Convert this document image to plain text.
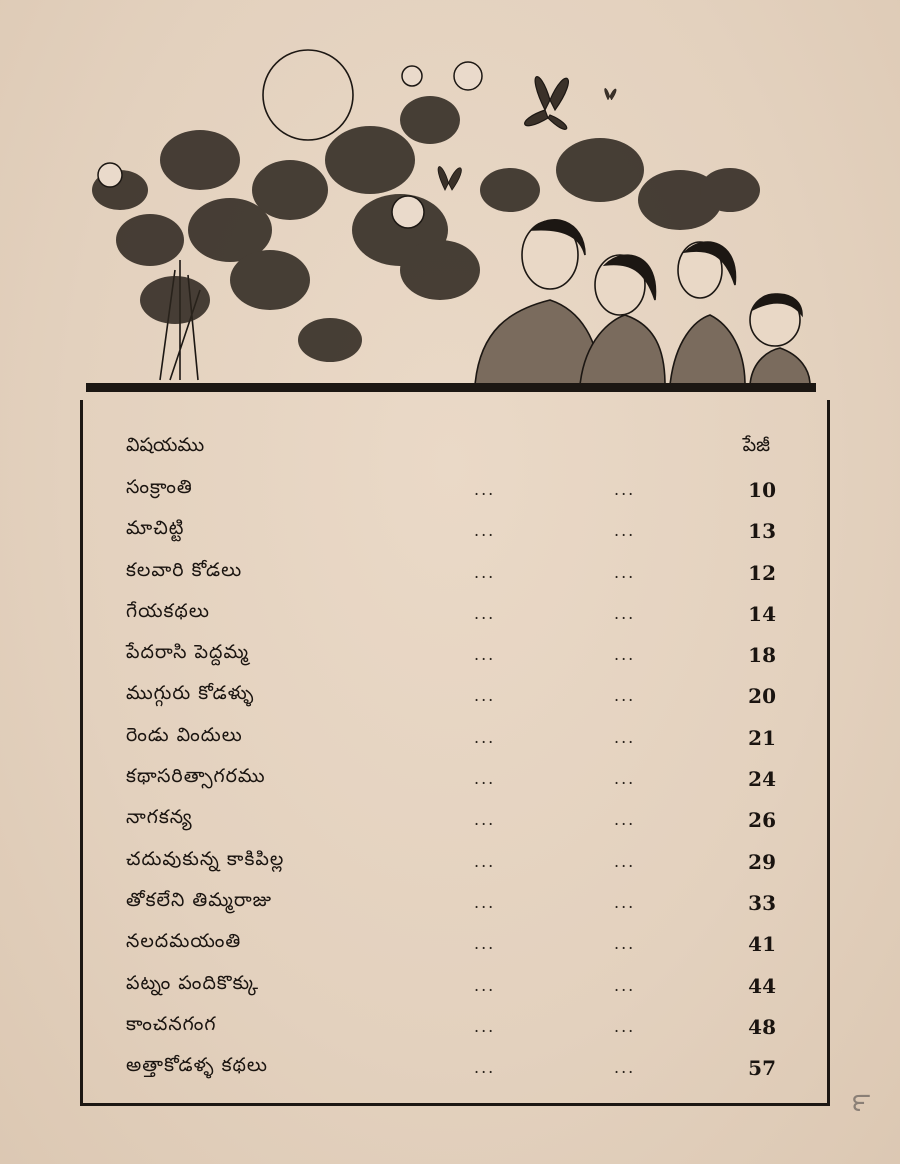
విషయము	పేజీ
సంక్రాంతి	...	...	10
మాచిట్టి	...	...	13
కలవారి కోడలు	...	...	12
గేయకథలు	...	...	14
పేదరాసి పెద్దమ్మ	...	...	18
ముగ్గురు కోడళ్ళు	...	...	20
రెండు విందులు	...	...	21
కథాసరిత్సాగరము	...	...	24
నాగకన్య	...	...	26
చదువుకున్న కాకిపిల్ల	...	...	29
తోకలేని తిమ్మరాజు	...	...	33
నలదమయంతి	...	...	41
పట్నం పందికొక్కు	...	...	44
కాంచనగంగ	...	...	48
అత్తాకోడళ్ళ కథలు	...	...	57
౯
